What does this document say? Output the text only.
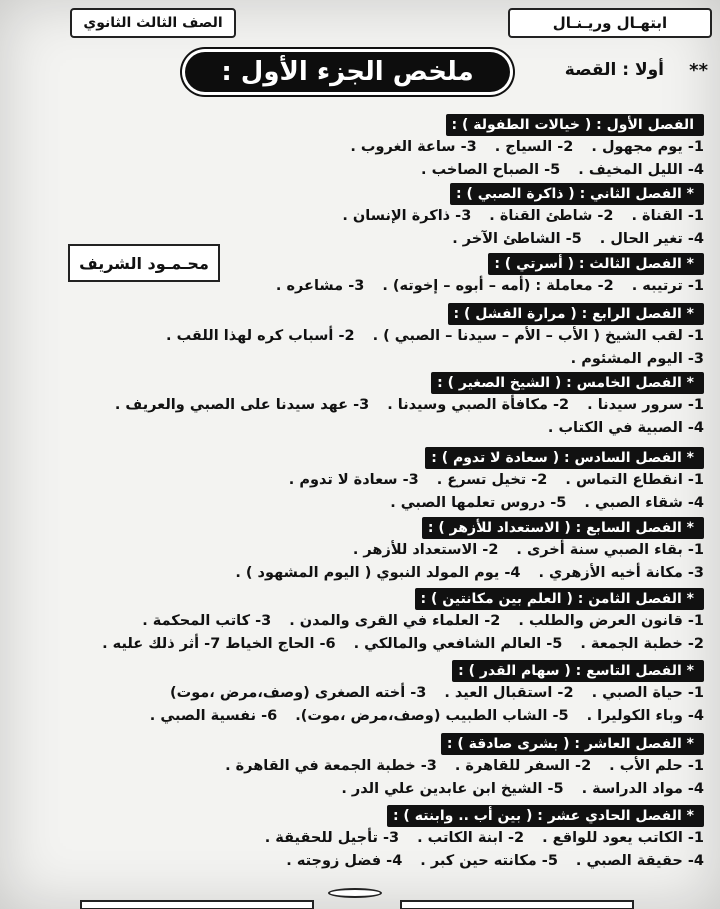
ابتهـال وريـنـال
الصف الثالث الثانوي
**
أولا : القصة
ملخص الجزء الأول :
محـمـود الشريف
الفصل الأول : ( خيالات الطفولة ) :
1- يوم مجهول .
2- السياج .
3- ساعة الغروب .
4- الليل المخيف .
5- الصباح الصاخب .
* الفصل الثاني : ( ذاكرة الصبي ) :
1- القناة .
2- شاطئ القناة .
3- ذاكرة الإنسان .
4- تغير الحال .
5- الشاطئ الآخر .
* الفصل الثالث : ( أسرتي ) :
1- ترتيبه .
2- معاملة : (أمه – أبوه – إخوته) .
3- مشاعره .
* الفصل الرابع : ( مرارة الفشل ) :
1- لقب الشيخ ( الأب – الأم – سيدنا – الصبي ) .
2- أسباب كره لهذا اللقب .
3- اليوم المشئوم .
* الفصل الخامس : ( الشيخ الصغير ) :
1- سرور سيدنا .
2- مكافأة الصبي وسيدنا .
3- عهد سيدنا على الصبي والعريف .
4- الصبية في الكتاب .
* الفصل السادس : ( سعادة لا تدوم ) :
1- انقطاع التماس .
2- تخيل تسرع .
3- سعادة لا تدوم .
4- شقاء الصبي .
5- دروس تعلمها الصبي .
* الفصل السابع : ( الاستعداد للأزهر ) :
1- بقاء الصبي سنة أخرى .
2- الاستعداد للأزهر .
3- مكانة أخيه الأزهري .
4- يوم المولد النبوي ( اليوم المشهود ) .
* الفصل الثامن : ( العلم بين مكانتين ) :
1- قانون العرض والطلب .
2- العلماء في القرى والمدن .
3- كاتب المحكمة .
2- خطبة الجمعة .
5- العالم الشافعي والمالكي .
6- الحاج الخياط 7- أثر ذلك عليه .
* الفصل التاسع : ( سهام القدر ) :
1- حياة الصبي .
2- استقبال العيد .
3- أخته الصغرى (وصف،مرض ،موت)
4- وباء الكوليرا .
5- الشاب الطبيب (وصف،مرض ،موت).
6- نفسية الصبي .
* الفصل العاشر : ( بشرى صادقة ) :
1- حلم الأب .
2- السفر للقاهرة .
3- خطبة الجمعة في القاهرة .
4- مواد الدراسة .
5- الشيخ ابن عابدين علي الدر .
* الفصل الحادي عشر : ( بين أب .. وابنته ) :
1- الكاتب يعود للواقع .
2- ابنة الكاتب .
3- تأجيل للحقيقة .
4- حقيقة الصبي .
5- مكانته حين كبر .
4- فضل زوجته .
